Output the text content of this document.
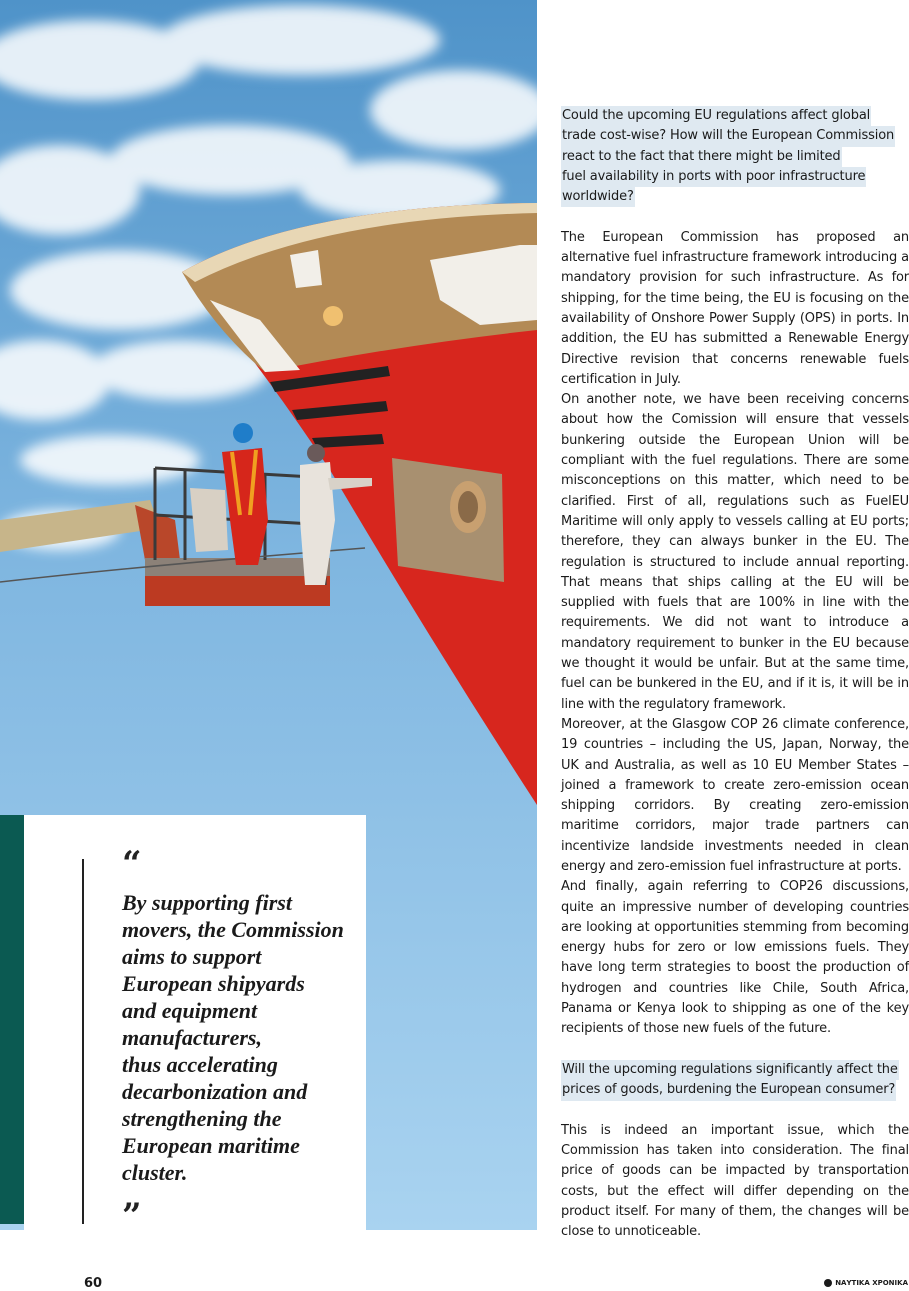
“
By supporting first
movers, the Commission
aims to support
European shipyards
and equipment
manufacturers,
thus accelerating
decarbonization and
strengthening the
European maritime
cluster.
”
Could the upcoming EU regulations affect global
trade cost-wise? How will the European Commission
react to the fact that there might be limited
fuel availability in ports with poor infrastructure
worldwide?

The European Commission has proposed an alternative fuel infrastructure framework introducing a mandatory provision for such infrastructure. As for shipping, for the time being, the EU is focusing on the availability of Onshore Power Supply (OPS) in ports. In addition, the EU has submitted a Renewable Energy Directive revision that concerns renewable fuels certification in July.

On another note, we have been receiving concerns about how the Comission will ensure that vessels bunkering outside the European Union will be compliant with the fuel regulations. There are some misconceptions on this matter, which need to be clarified. First of all, regulations such as FuelEU Maritime will only apply to vessels calling at EU ports; therefore, they can always bunker in the EU. The regulation is structured to include annual reporting. That means that ships calling at the EU will be supplied with fuels that are 100% in line with the requirements. We did not want to introduce a mandatory requirement to bunker in the EU because we thought it would be unfair. But at the same time, fuel can be bunkered in the EU, and if it is, it will be in line with the regulatory framework.

Moreover, at the Glasgow COP 26 climate conference, 19 countries – including the US, Japan, Norway, the UK and Australia, as well as 10 EU Member States – joined a framework to create zero-emission ocean shipping corridors. By creating zero-emission maritime corridors, major trade partners can incentivize landside investments needed in clean energy and zero-emission fuel infrastructure at ports.

And finally, again referring to COP26 discussions, quite an impressive number of developing countries are looking at opportunities stemming from becoming energy hubs for zero or low emissions fuels. They have long term strategies to boost the production of hydrogen and countries like Chile, South Africa, Panama or Kenya look to shipping as one of the key recipients of those new fuels of the future.

Will the upcoming regulations significantly affect the
prices of goods, burdening the European consumer?

This is indeed an important issue, which the Commission has taken into consideration. The final price of goods can be impacted by transportation costs, but the effect will differ depending on the product itself. For many of them, the changes will be close to unnoticeable.

60	ΝΑΥΤΙΚΑ ΧΡΟΝΙΚΑ
